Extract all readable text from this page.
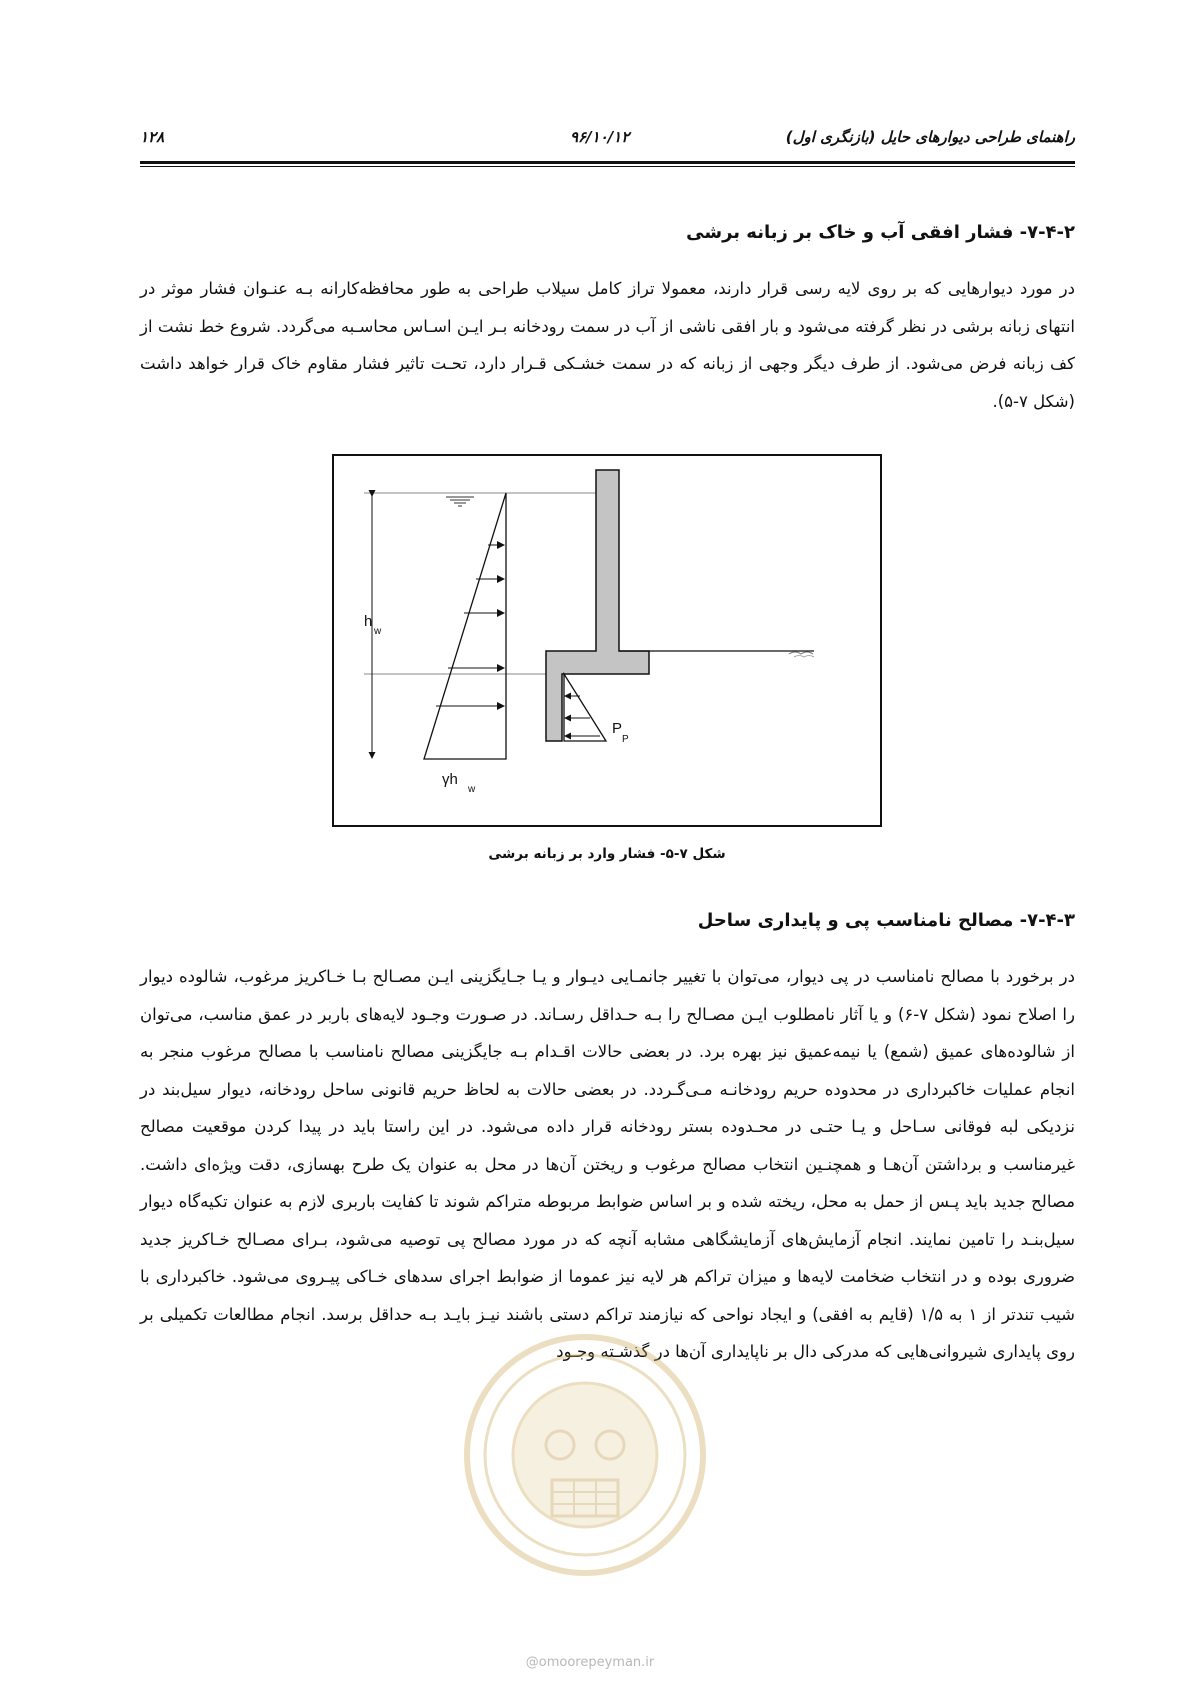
۱۲۸	۹۶/۱۰/۱۲	راهنمای طراحی دیوارهای حایل (بازنگری اول)
۷-۴-۲- فشار افقی آب و خاک بر زبانه برشی
در مورد دیوارهایی که بر روی لایه رسی قرار دارند، معمولا تراز کامل سیلاب طراحی به طور محافظه‌کارانه بـه عنـوان فشار موثر در انتهای زبانه برشی در نظر گرفته می‌شود و بار افقی ناشی از آب در سمت رودخانه بـر ایـن اسـاس محاسـبه می‌گردد. شروع خط نشت از کف زبانه فرض می‌شود. از طرف دیگر وجهی از زبانه که در سمت خشـکی قـرار دارد، تحـت تاثیر فشار مقاوم خاک قرار خواهد داشت (شکل ۷-۵).
h
w
γh
w
P
P
شکل ۷-۵- فشار وارد بر زبانه برشی
۷-۴-۳- مصالح نامناسب پی و پایداری ساحل
در برخورد با مصالح نامناسب در پی دیوار، می‌توان با تغییر جانمـایی دیـوار و یـا جـایگزینی ایـن مصـالح بـا خـاکریز مرغوب، شالوده دیوار را اصلاح نمود (شکل ۷-۶) و یا آثار نامطلوب ایـن مصـالح را بـه حـداقل رسـاند. در صـورت وجـود لایه‌های باربر در عمق مناسب، می‌توان از شالوده‌های عمیق (شمع) یا نیمه‌عمیق نیز بهره برد. در بعضی حالات اقـدام بـه جایگزینی مصالح نامناسب با مصالح مرغوب منجر به انجام عملیات خاکبرداری در محدوده حریم رودخانـه مـی‌گـردد. در بعضی حالات به لحاظ حریم قانونی ساحل رودخانه، دیوار سیل‌بند در نزدیکی لبه فوقانی سـاحل و یـا حتـی در محـدوده بستر رودخانه قرار داده می‌شود. در این راستا باید در پیدا کردن موقعیت مصالح غیرمناسب و برداشتن آن‌هـا و همچنـین انتخاب مصالح مرغوب و ریختن آن‌ها در محل به عنوان یک طرح بهسازی، دقت ویژه‌ای داشت. مصالح جدید باید پـس از حمل به محل، ریخته شده و بر اساس ضوابط مربوطه متراکم شوند تا کفایت باربری لازم به عنوان تکیه‌گاه دیوار سیل‌بنـد را تامین نمایند. انجام آزمایش‌های آزمایشگاهی مشابه آنچه که در مورد مصالح پی توصیه می‌شود، بـرای مصـالح خـاکریز جدید ضروری بوده و در انتخاب ضخامت لایه‌ها و میزان تراکم هر لایه نیز عموما از ضوابط اجرای سدهای خـاکی پیـروی می‌شود. خاکبرداری با شیب تندتر از ۱ به ۱/۵ (قایم به افقی) و ایجاد نواحی که نیازمند تراکم دستی باشند نیـز بایـد بـه حداقل برسد. انجام مطالعات تکمیلی بر روی پایداری شیروانی‌هایی که مدرکی دال بر ناپایداری آن‌ها در گذشـته وجـود
@omoorepeyman.ir
